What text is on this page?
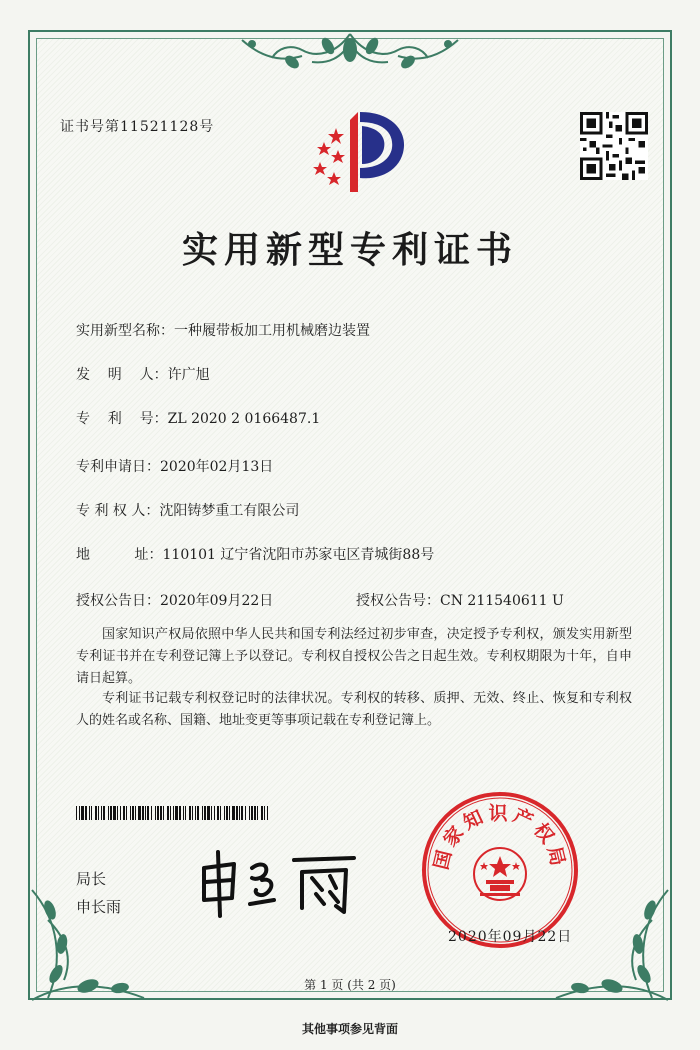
证书号第11521128号
实用新型专利证书
实用新型名称：一种履带板加工用机械磨边装置
发    明    人：许广旭
专    利    号：ZL 2020 2 0166487.1
专利申请日：2020年02月13日
专 利 权 人：沈阳铸梦重工有限公司
地          址：110101 辽宁省沈阳市苏家屯区青城街88号
授权公告日：2020年09月22日	授权公告号：CN 211540611 U
国家知识产权局依照中华人民共和国专利法经过初步审查，决定授予专利权，颁发实用新型专利证书并在专利登记簿上予以登记。专利权自授权公告之日起生效。专利权期限为十年，自申请日起算。
专利证书记载专利权登记时的法律状况。专利权的转移、质押、无效、终止、恢复和专利权人的姓名或名称、国籍、地址变更等事项记载在专利登记簿上。
局长
申长雨
国家知识产权局
2020年09月22日
第 1 页 (共 2 页)
其他事项参见背面
